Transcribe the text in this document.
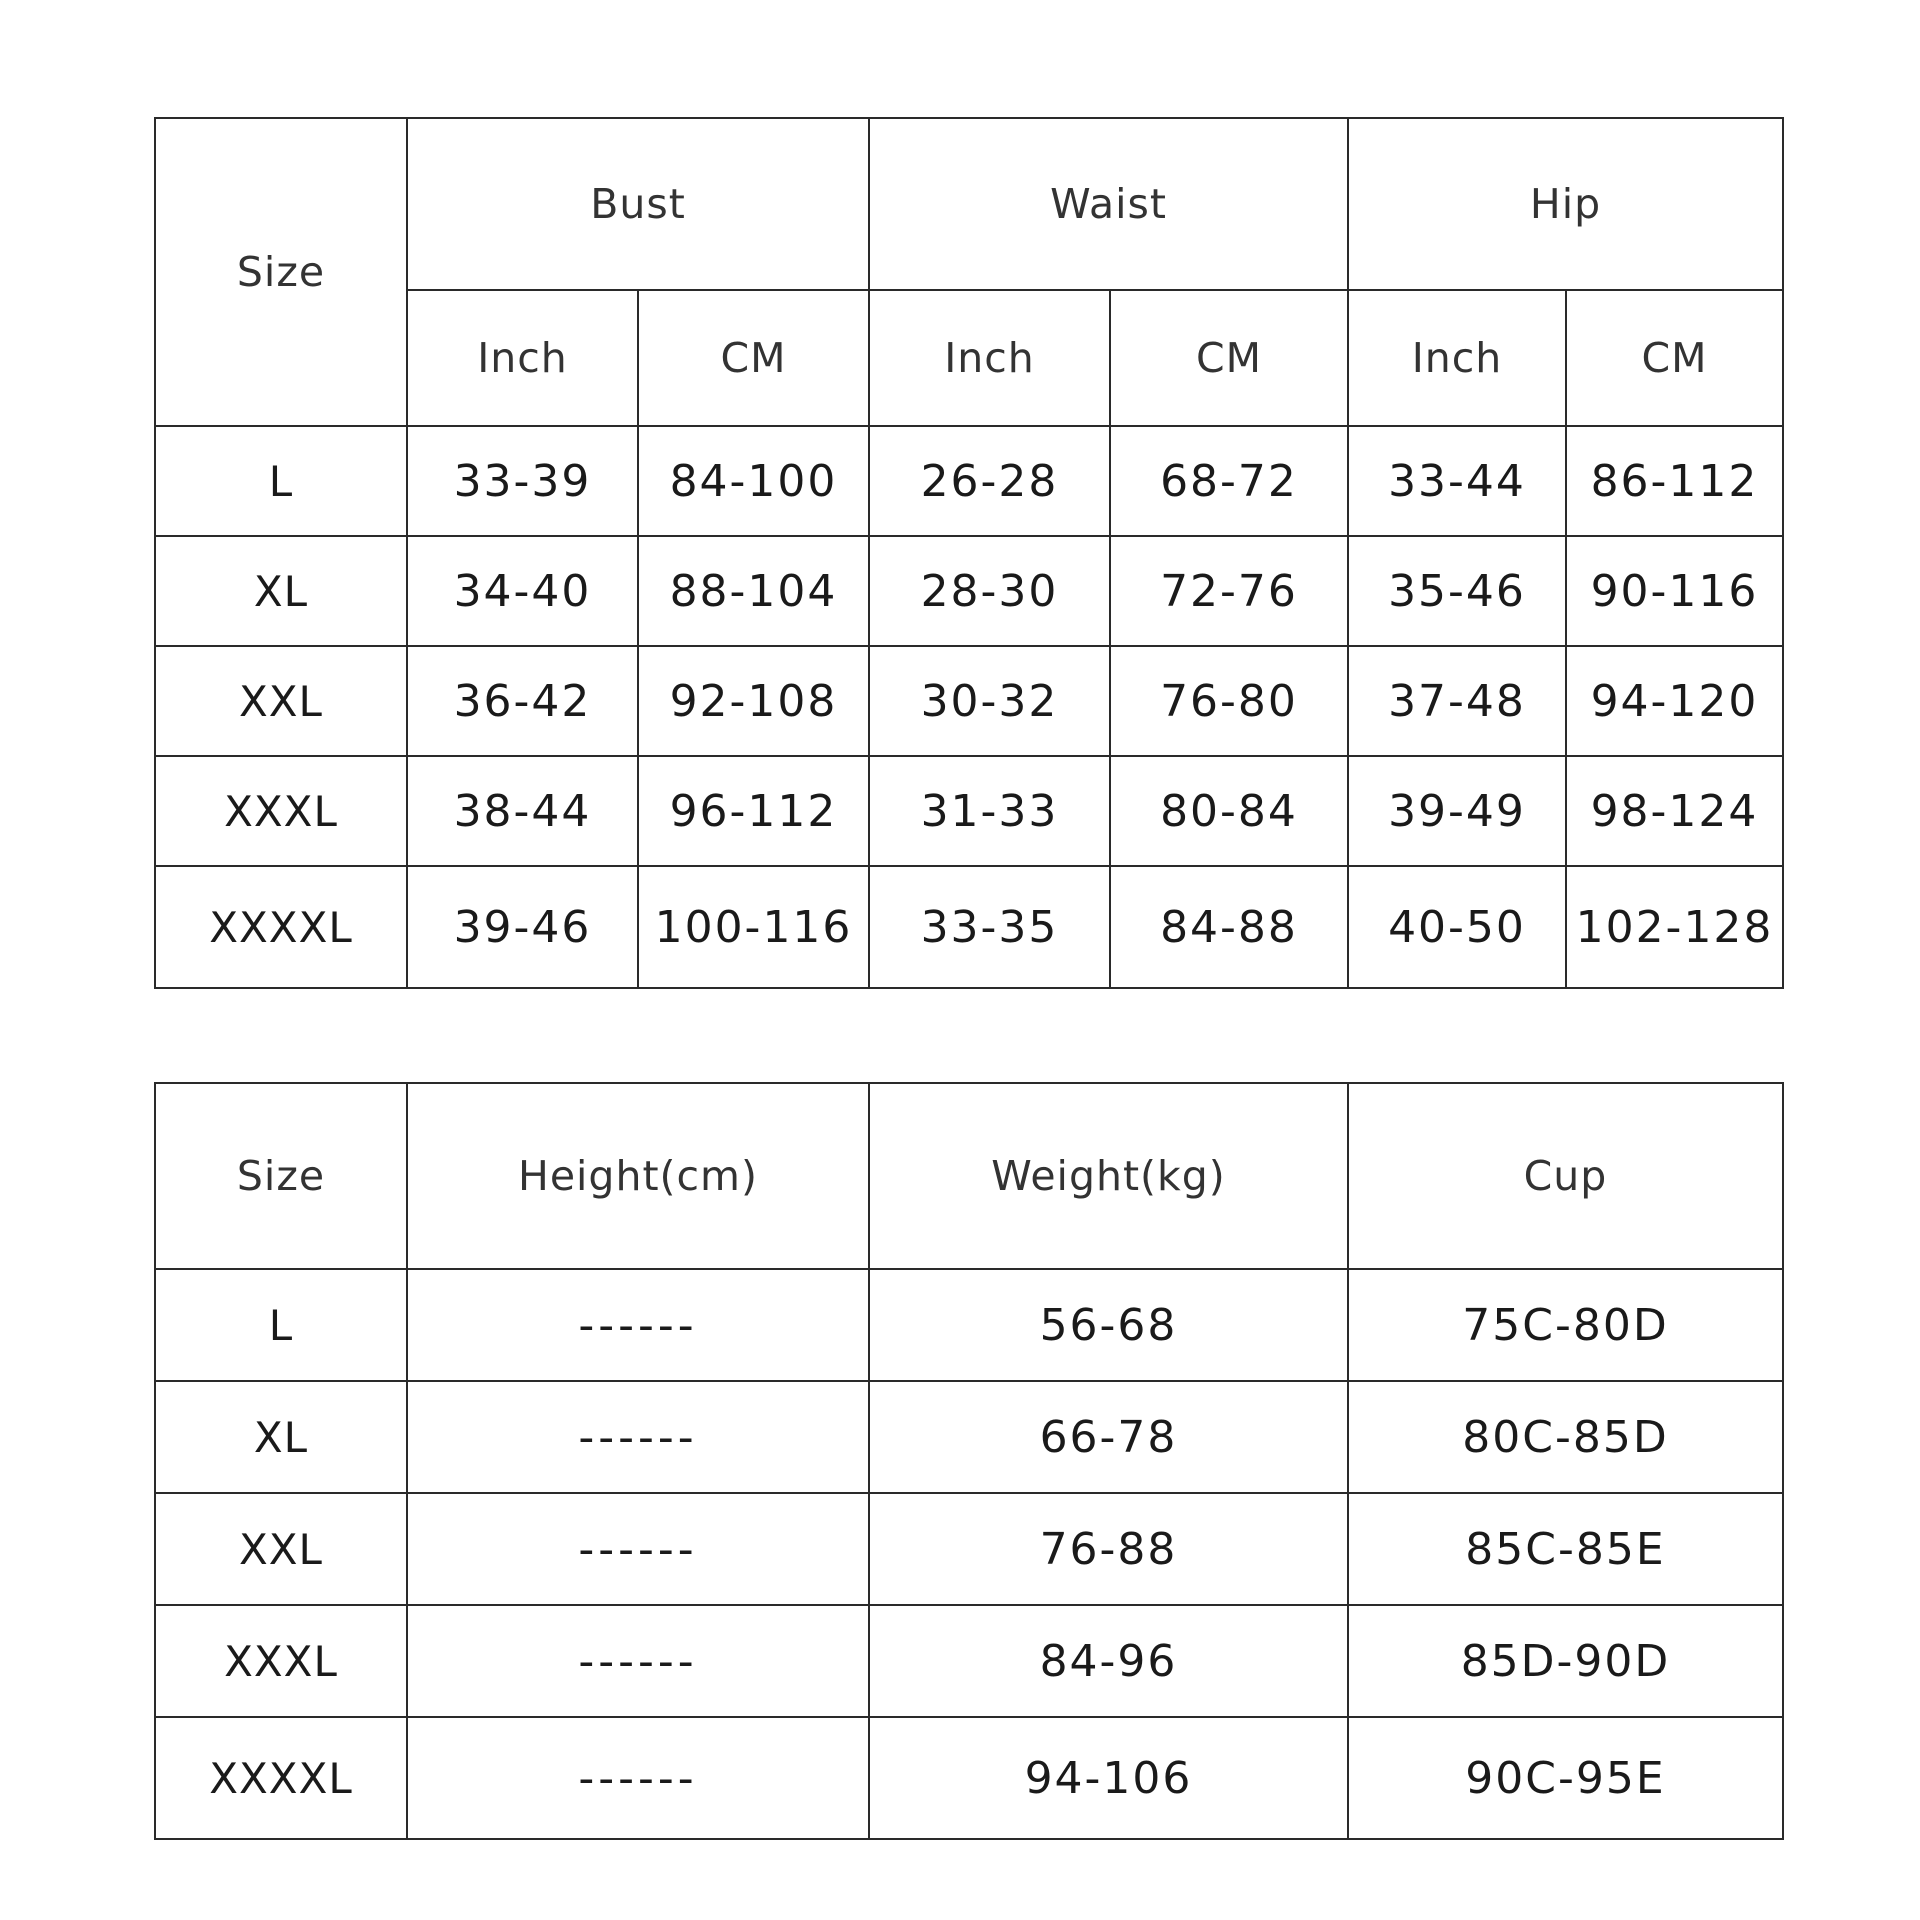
Size	Bust		Waist		Hip	
	Inch	CM	Inch	CM	Inch	CM
L	33-39	84-100	26-28	68-72	33-44	86-112
XL	34-40	88-104	28-30	72-76	35-46	90-116
XXL	36-42	92-108	30-32	76-80	37-48	94-120
XXXL	38-44	96-112	31-33	80-84	39-49	98-124
XXXXL	39-46	100-116	33-35	84-88	40-50	102-128
Size	Height(cm)	Weight(kg)	Cup
L	------	56-68	75C-80D
XL	------	66-78	80C-85D
XXL	------	76-88	85C-85E
XXXL	------	84-96	85D-90D
XXXXL	------	94-106	90C-95E
